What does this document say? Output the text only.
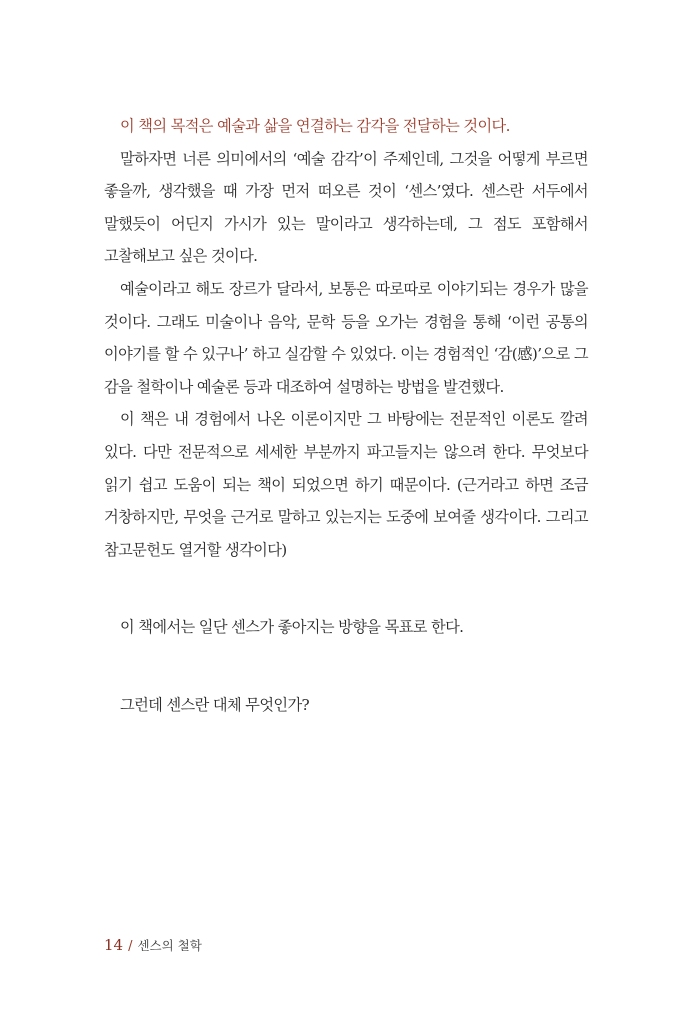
이 책의 목적은 예술과 삶을 연결하는 감각을 전달하는 것이다.

말하자면 너른 의미에서의 ‘예술 감각’이 주제인데, 그것을 어떻게 부르면 좋을까, 생각했을 때 가장 먼저 떠오른 것이 ‘센스’였다. 센스란 서두에서 말했듯이 어딘지 가시가 있는 말이라고 생각하는데, 그 점도 포함해서 고찰해보고 싶은 것이다.

예술이라고 해도 장르가 달라서, 보통은 따로따로 이야기되는 경우가 많을 것이다. 그래도 미술이나 음악, 문학 등을 오가는 경험을 통해 ‘이런 공통의 이야기를 할 수 있구나’ 하고 실감할 수 있었다. 이는 경험적인 ‘감(感)’으로 그 감을 철학이나 예술론 등과 대조하여 설명하는 방법을 발견했다.

이 책은 내 경험에서 나온 이론이지만 그 바탕에는 전문적인 이론도 깔려 있다. 다만 전문적으로 세세한 부분까지 파고들지는 않으려 한다. 무엇보다 읽기 쉽고 도움이 되는 책이 되었으면 하기 때문이다. (근거라고 하면 조금 거창하지만, 무엇을 근거로 말하고 있는지는 도중에 보여줄 생각이다. 그리고 참고문헌도 열거할 생각이다)

이 책에서는 일단 센스가 좋아지는 방향을 목표로 한다.

그런데 센스란 대체 무엇인가?

14 / 센스의 철학
